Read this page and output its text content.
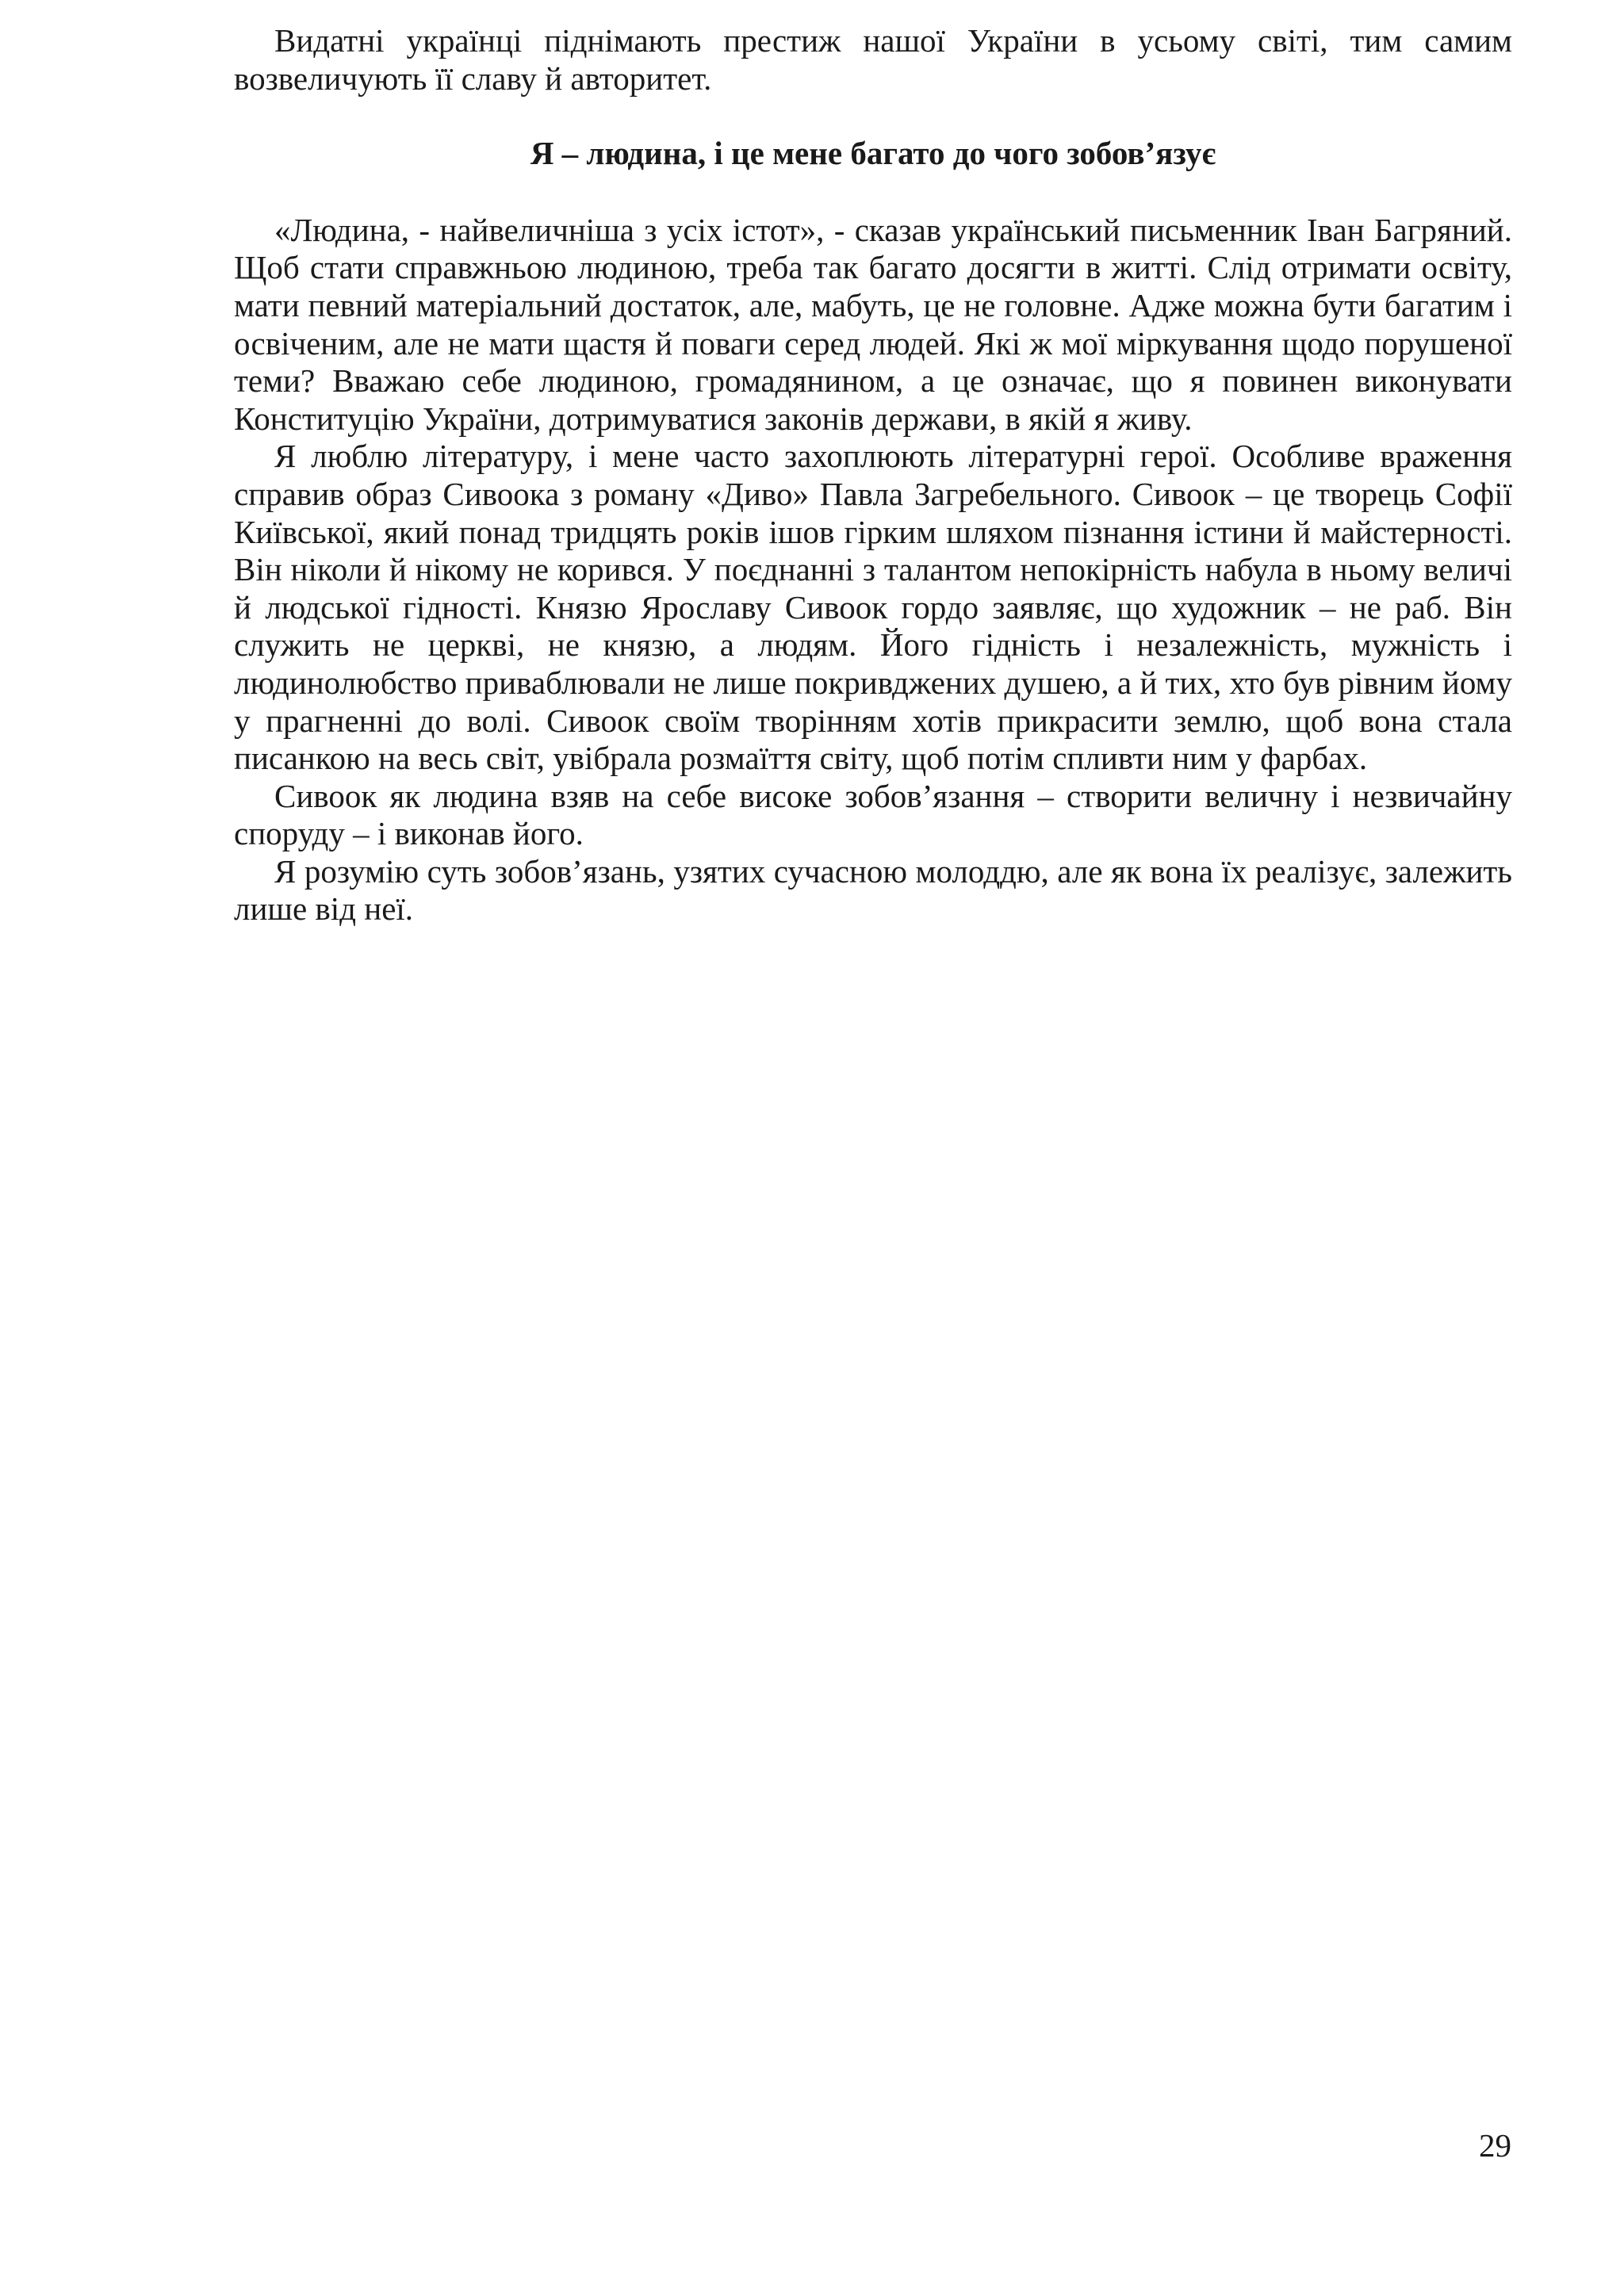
Видатні українці піднімають престиж нашої України в усьому світі, тим самим возвеличують її славу й авторитет.

Я – людина, і це мене багато до чого зобов’язує

«Людина, - найвеличніша з усіх істот», - сказав український письменник Іван Багряний. Щоб стати справжньою людиною, треба так багато досягти в житті. Слід отримати освіту, мати певний матеріальний достаток, але, мабуть, це не головне. Адже можна бути багатим і освіченим, але не мати щастя й поваги серед людей. Які ж мої міркування щодо порушеної теми? Вважаю себе людиною, громадянином, а це означає, що я повинен виконувати Конституцію України, дотримуватися законів держави, в якій я живу.

Я люблю літературу, і мене часто захоплюють літературні герої. Особливе враження справив образ Сивоока з роману «Диво» Павла Загребельного. Сивоок – це творець Софії Київської, який понад тридцять років ішов гірким шляхом пізнання істини й майстерності. Він ніколи й нікому не корився. У поєднанні з талантом непокірність набула в ньому величі й людської гідності. Князю Ярославу Сивоок гордо заявляє, що художник – не раб. Він служить не церкві, не князю, а людям. Його гідність і незалежність, мужність і людинолюбство приваблювали не лише покривджених душею, а й тих, хто був рівним йому у прагненні до волі. Сивоок своїм творінням хотів прикрасити землю, щоб вона стала писанкою на весь світ, увібрала розмаїття світу, щоб потім спливти ним у фарбах.

Сивоок як людина взяв на себе високе зобов’язання – створити величну і незвичайну споруду – і виконав його.

Я розумію суть зобов’язань, узятих сучасною молоддю, але як вона їх реалізує, залежить лише від неї.

29
